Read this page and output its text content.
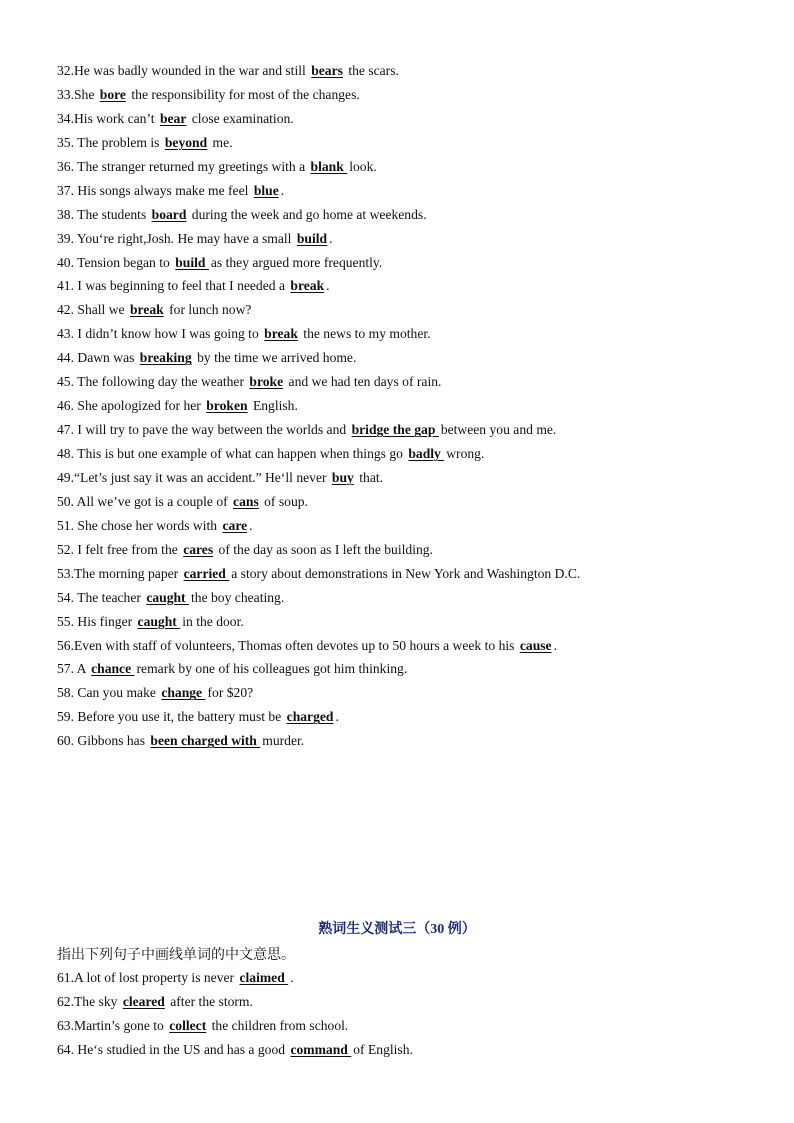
32.He was badly wounded in the war and still bears the scars.
33.She bore the responsibility for most of the changes.
34.His work can’t bear close examination.
35. The problem is beyond me.
36. The stranger returned my greetings with a blank look.
37. His songs always make me feel blue .
38. The students board during the week and go home at weekends.
39. You‘re right,Josh. He may have a small build .
40. Tension began to build as they argued more frequently.
41. I was beginning to feel that I needed a break .
42. Shall we break for lunch now?
43. I didn’t know how I was going to break the news to my mother.
44. Dawn was breaking by the time we arrived home.
45. The following day the weather broke and we had ten days of rain.
46. She apologized for her broken English.
47. I will try to pave the way between the worlds and bridge the gap between you and me.
48. This is but one example of what can happen when things go badly wrong.
49.“Let’s just say it was an accident.” He‘ll never buy that.
50. All we’ve got is a couple of cans of soup.
51. She chose her words with care .
52. I felt free from the cares of the day as soon as I left the building.
53.The morning paper carried a story about demonstrations in New York and Washington D.C.
54. The teacher caught the boy cheating.
55. His finger caught in the door.
56.Even with staff of volunteers, Thomas often devotes up to 50 hours a week to his cause .
57. A chance remark by one of his colleagues got him thinking.
58. Can you make change for $20?
59. Before you use it, the battery must be charged .
60. Gibbons has been charged with murder.
熟词生义测试三（30 例）
指出下列句子中画线单词的中文意思。
61.A lot of lost property is never claimed .
62.The sky cleared after the storm.
63.Martin’s gone to collect the children from school.
64. He‘s studied in the US and has a good command of English.
